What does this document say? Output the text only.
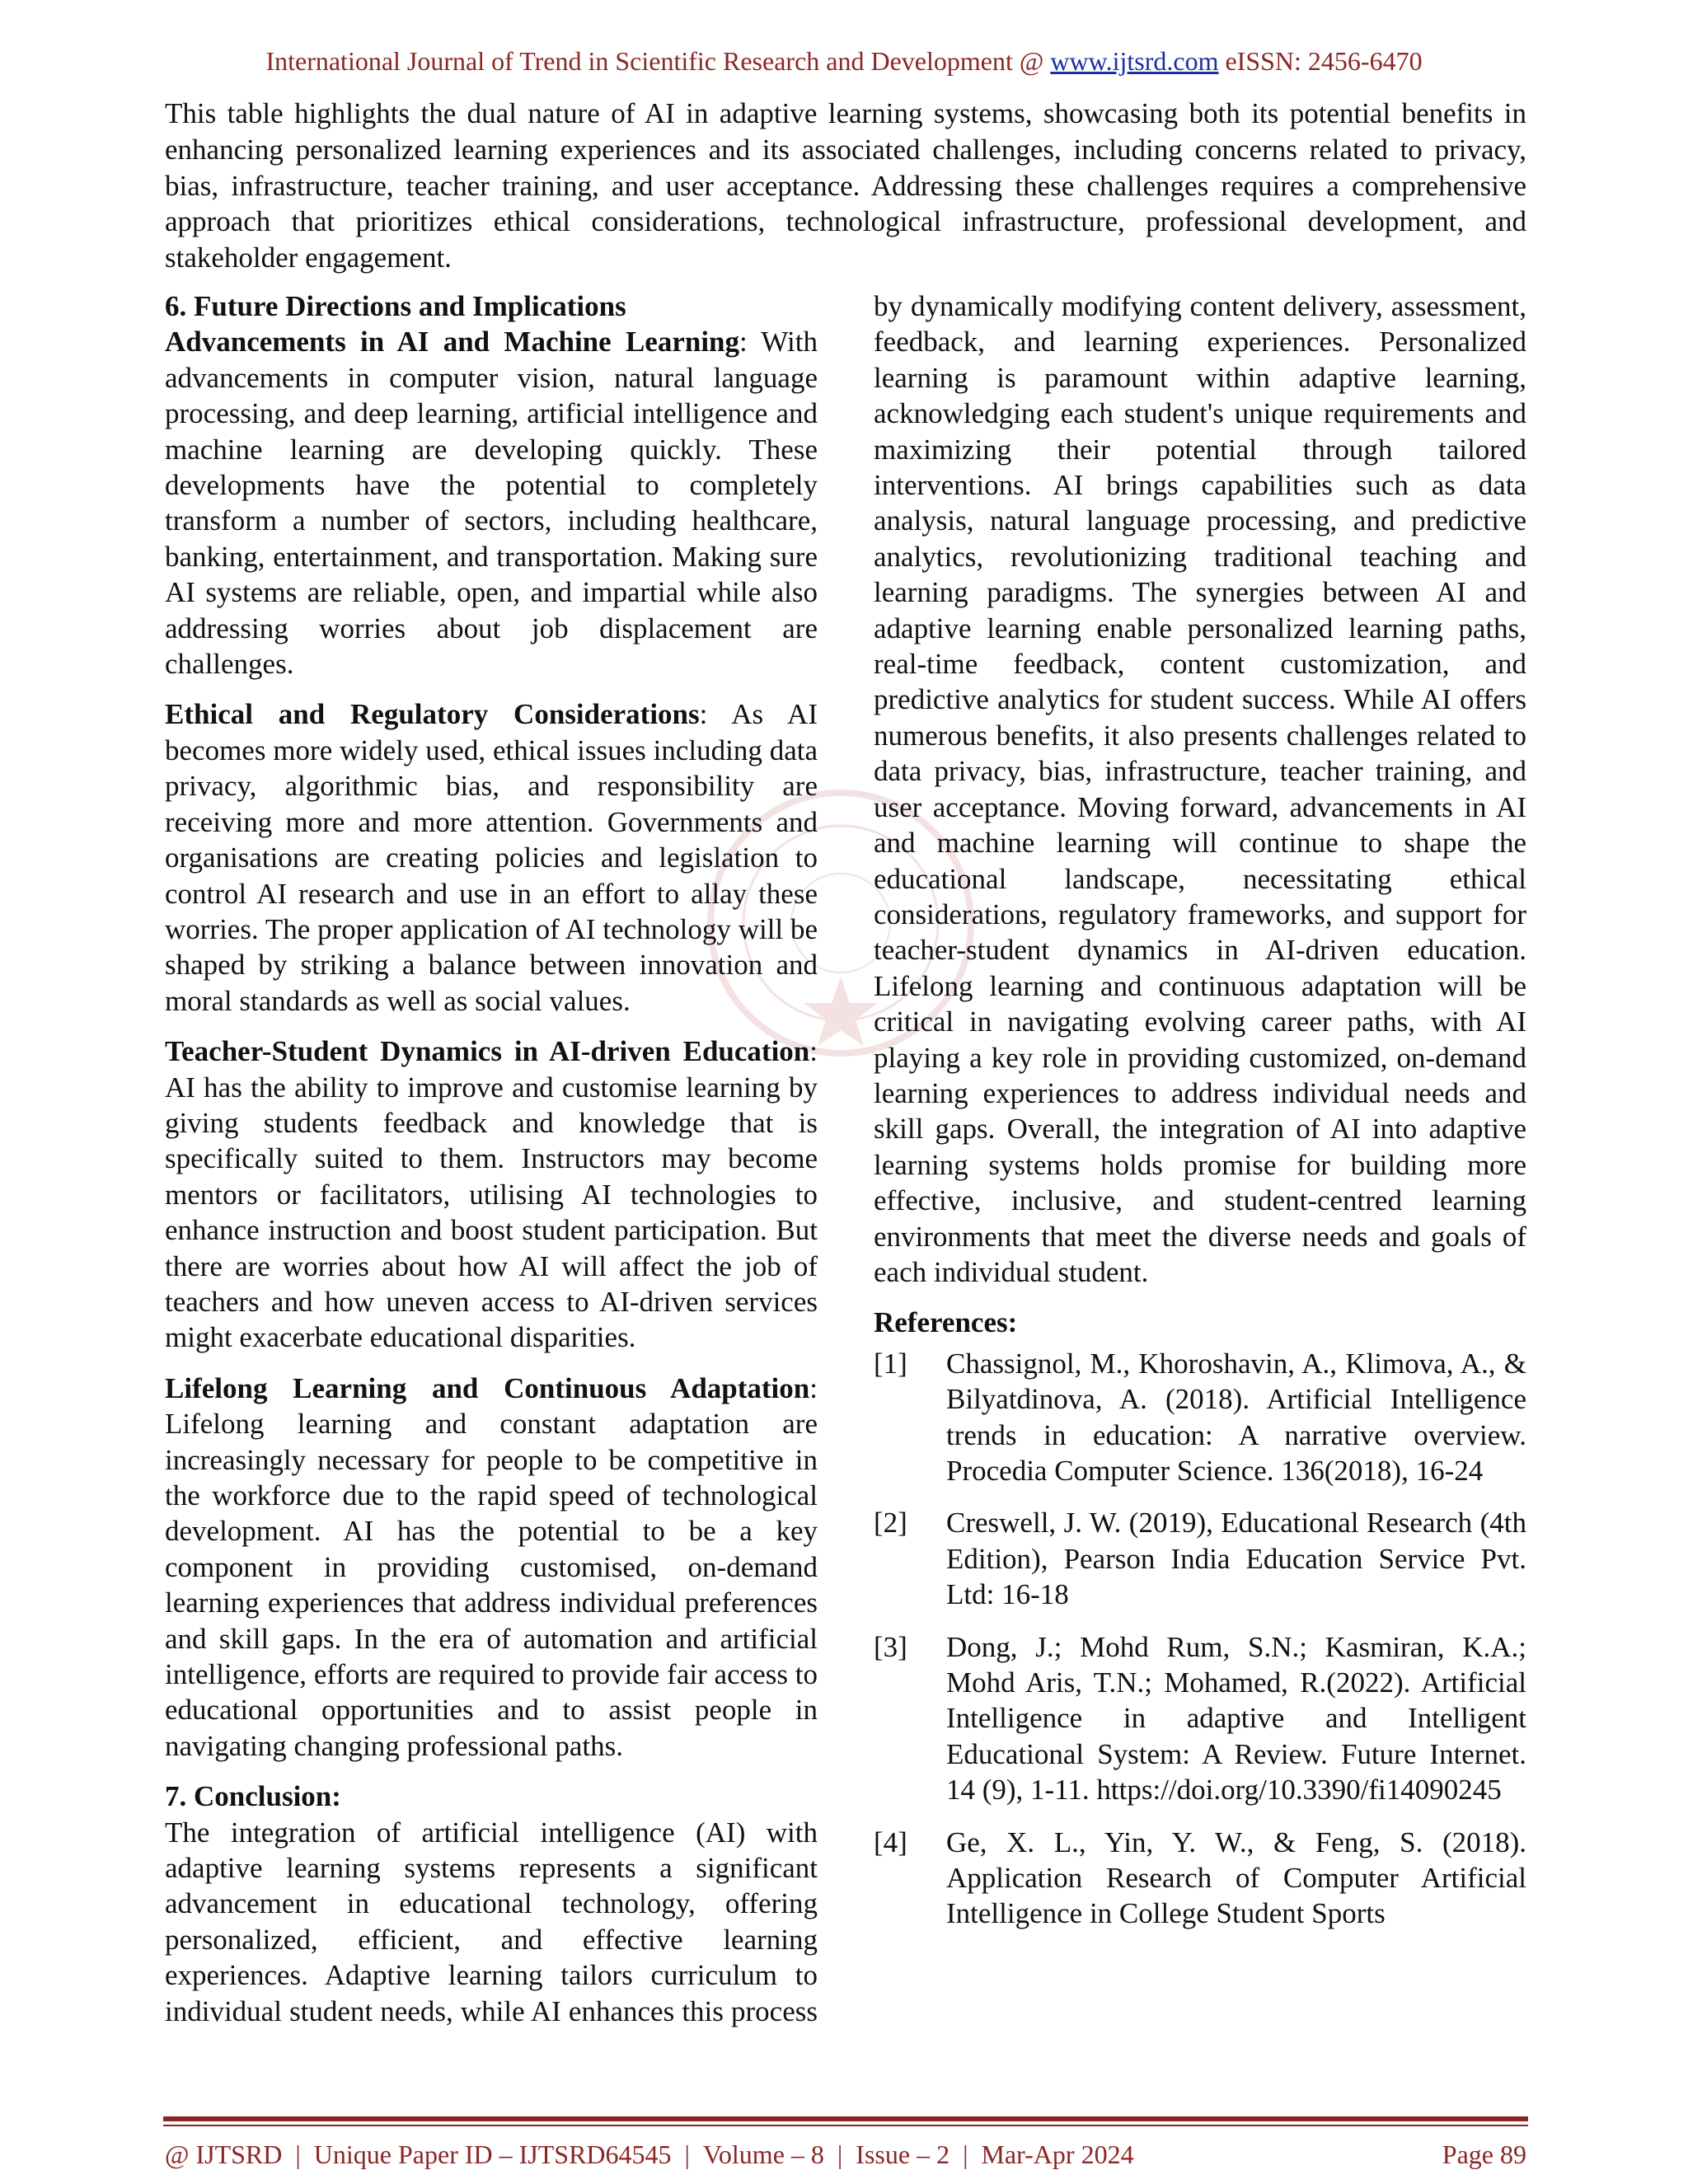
International Journal of Trend in Scientific Research and Development @ www.ijtsrd.com eISSN: 2456-6470

This table highlights the dual nature of AI in adaptive learning systems, showcasing both its potential benefits in enhancing personalized learning experiences and its associated challenges, including concerns related to privacy, bias, infrastructure, teacher training, and user acceptance. Addressing these challenges requires a comprehensive approach that prioritizes ethical considerations, technological infrastructure, professional development, and stakeholder engagement.

6. Future Directions and Implications

Advancements in AI and Machine Learning: With advancements in computer vision, natural language processing, and deep learning, artificial intelligence and machine learning are developing quickly. These developments have the potential to completely transform a number of sectors, including healthcare, banking, entertainment, and transportation. Making sure AI systems are reliable, open, and impartial while also addressing worries about job displacement are challenges.

Ethical and Regulatory Considerations: As AI becomes more widely used, ethical issues including data privacy, algorithmic bias, and responsibility are receiving more and more attention. Governments and organisations are creating policies and legislation to control AI research and use in an effort to allay these worries. The proper application of AI technology will be shaped by striking a balance between innovation and moral standards as well as social values.

Teacher-Student Dynamics in AI-driven Education: AI has the ability to improve and customise learning by giving students feedback and knowledge that is specifically suited to them. Instructors may become mentors or facilitators, utilising AI technologies to enhance instruction and boost student participation. But there are worries about how AI will affect the job of teachers and how uneven access to AI-driven services might exacerbate educational disparities.

Lifelong Learning and Continuous Adaptation: Lifelong learning and constant adaptation are increasingly necessary for people to be competitive in the workforce due to the rapid speed of technological development. AI has the potential to be a key component in providing customised, on-demand learning experiences that address individual preferences and skill gaps. In the era of automation and artificial intelligence, efforts are required to provide fair access to educational opportunities and to assist people in navigating changing professional paths.

7. Conclusion:

The integration of artificial intelligence (AI) with adaptive learning systems represents a significant advancement in educational technology, offering personalized, efficient, and effective learning experiences. Adaptive learning tailors curriculum to individual student needs, while AI enhances this process

by dynamically modifying content delivery, assessment, feedback, and learning experiences. Personalized learning is paramount within adaptive learning, acknowledging each student's unique requirements and maximizing their potential through tailored interventions. AI brings capabilities such as data analysis, natural language processing, and predictive analytics, revolutionizing traditional teaching and learning paradigms. The synergies between AI and adaptive learning enable personalized learning paths, real-time feedback, content customization, and predictive analytics for student success. While AI offers numerous benefits, it also presents challenges related to data privacy, bias, infrastructure, teacher training, and user acceptance. Moving forward, advancements in AI and machine learning will continue to shape the educational landscape, necessitating ethical considerations, regulatory frameworks, and support for teacher-student dynamics in AI-driven education. Lifelong learning and continuous adaptation will be critical in navigating evolving career paths, with AI playing a key role in providing customized, on-demand learning experiences to address individual needs and skill gaps. Overall, the integration of AI into adaptive learning systems holds promise for building more effective, inclusive, and student-centred learning environments that meet the diverse needs and goals of each individual student.

References:
[1]	Chassignol, M., Khoroshavin, A., Klimova, A., & Bilyatdinova, A. (2018). Artificial Intelligence trends in education: A narrative overview. Procedia Computer Science. 136(2018), 16-24
[2]	Creswell, J. W. (2019), Educational Research (4th Edition), Pearson India Education Service Pvt. Ltd: 16-18
[3]	Dong, J.; Mohd Rum, S.N.; Kasmiran, K.A.; Mohd Aris, T.N.; Mohamed, R.(2022). Artificial Intelligence in adaptive and Intelligent Educational System: A Review. Future Internet. 14 (9), 1-11. https://doi.org/10.3390/fi14090245
[4]	Ge, X. L., Yin, Y. W., & Feng, S. (2018). Application Research of Computer Artificial Intelligence in College Student Sports
@ IJTSRD | Unique Paper ID – IJTSRD64545 | Volume – 8 | Issue – 2 | Mar-Apr 2024	Page 89
